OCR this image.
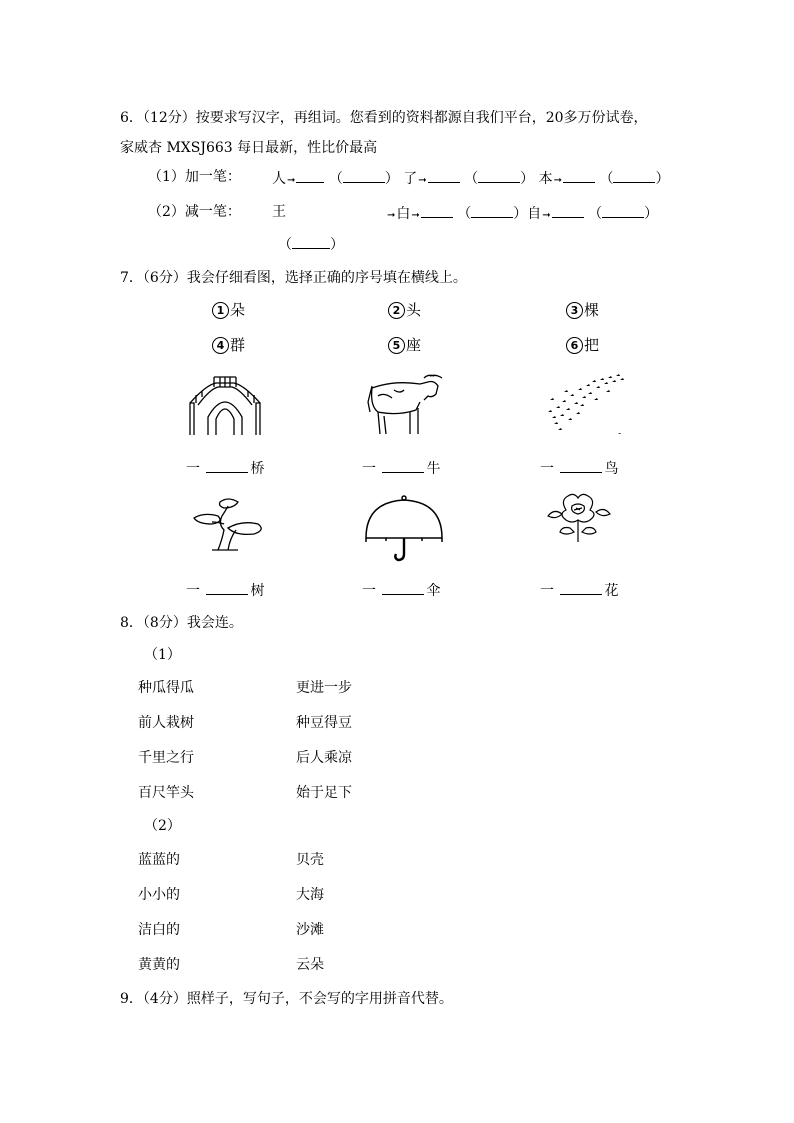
6．（12分）按要求写汉字，再组词。您看到的资料都源自我们平台，20多万份试卷，
家威杏 MXSJ663 每日最新，性比价最高
（1）加一笔： 人➞ （	） 了➞	（	） 本➞	（	）
（2）减一笔： 王	➞白➞	（	）自➞	（	）
（	）
7．（6分）我会仔细看图，选择正确的序号填在横线上。
1 朵	2 头	3 棵
4 群	5 座	6 把
一	桥	一	牛	一	鸟
一	树	一	伞	一	花
8．（8分）我会连。
（1）
种瓜得瓜	更进一步
前人栽树	种豆得豆
千里之行	后人乘凉
百尺竿头	始于足下
（2）
蓝蓝的	贝壳
小小的	大海
洁白的	沙滩
黄黄的	云朵
9．（4分）照样子，写句子，不会写的字用拼音代替。
